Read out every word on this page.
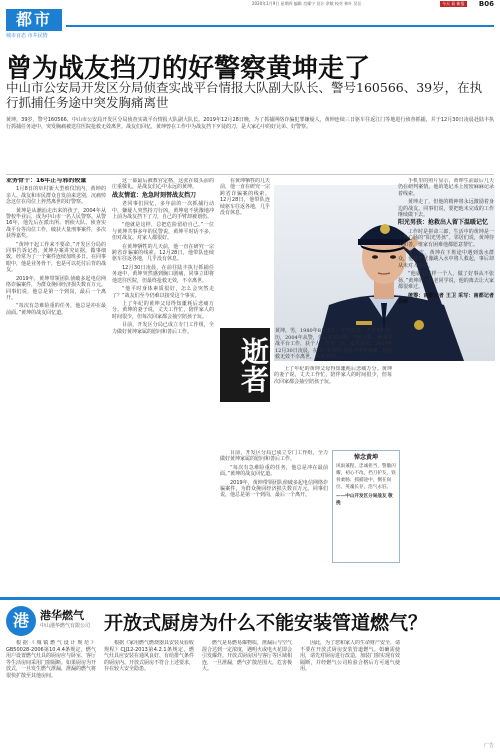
2020年1月9日 星期四 编辑 肖耀宁 设计 余敏 校对 林叶 吴岳	今天 看 新报 B06
都市
城市百态 市井民情
曾为战友挡刀的好警察黄坤走了
中山市公安局开发区分局侦查实战平台情报大队副大队长、警号160566、39岁，在执行抓捕任务途中突发胸痛离世
黄坤，39岁，警号160566，中山市公安局开发区分局侦查实战平台情报大队副大队长。2019年12月28日晚，为了抓捕网络诈骗犯罪嫌疑人，黄坤连续三日驱车往返江门等地进行侦查抓捕，并于12月30日凌晨赴陆丰执行抓捕任务途中，突发胸痛被送往医院抢救无效离世。战友们回忆，黄坤曾在工作中为战友挡下歹徒的刀，是大家心中的好兄弟、好警察。
业务骨干：16年正与邪的较量

1月8日的阜村新大型殡仪馆内，黄坤的亲人、战友和市民群众自发前来送别，沉痛悼念这位在岗位上猝然离世的好警察。

黄坤是从潮汕走出来的孩子，2004年从警校毕业后，成为中山市一名人民警察。从警16年，他先后在派出所、刑侦大队、侦查实战平台等岗位工作，破获大量刑事案件，多次获得嘉奖。

“黄坤干起工作来不要命。”开发区分局的同事告诉记者，黄坤办案讲究证据，做事细致，经常为了一个案件连续加班多日。在同事眼中，他是业务骨干，也是可以托付后背的战友。

2019年，黄坤带领团队侦破多起电信网络诈骗案件，为群众挽回经济损失数百万元。同事们说，他总是第一个到岗，最后一个离开。

“每次有急难险重的任务，他总是冲在最前面。”黄坤的战友回忆道。

这一幕最后被教官定格，这张在镜头前的庄重敬礼，是战友们心中永远的黄坤。

战友情谊：危急时刻替战友挡刀

老同事们回忆，多年前的一次抓捕行动中，嫌疑人突然持刀行凶，黄坤毫不犹豫地冲上前为战友挡下了刀，自己的手臂却被划伤。

“他就是这样，总把危险留给自己。”一位与黄坤共事多年的民警说，黄坤平时话不多，但对战友、对家人都很好。

在黄坤牺牲的几天前，他一直在研究一宗跨省诈骗案的线索。12月28日，他带队连续驱车往返各地，几乎没有休息。

12月30日凌晨，在前往陆丰执行抓捕任务途中，黄坤突然感到胸口剧痛，同事立即将他送往医院，但最终抢救无效，不幸离世。

“他平时身体素质很好，怎么会突然走了？”战友们至今仍难以接受这个事实。

上了年纪的黄坤父母得知噩耗后悲痛万分。黄坤的妻子说，丈夫工作忙，陪伴家人的时间很少，但每次回家都会抽空陪孩子玩。

目前，开发区分局已成立专门工作组，全力做好黄坤家属的慰问和善后工作。

在黄坤牺牲的几天前，他一直在研究一宗跨省诈骗案的线索。12月28日，他带队连续驱车往返各地，几乎没有休息。

手机里的照片显示，黄坤生前最后几天仍在研判案情，他的笔记本上密密麻麻记录着线索。

黄坤走了，但他的精神将永远激励着身边的战友。同事们说，要把他未完成的工作继续做下去。

阳光男孩：抢救出人留下温暖记忆

工作时是拼命三郎，生活中的黄坤是一个热心肠的“阳光男孩”。邻居们说，黄坤待人和善，谁家有困难他都愿意帮忙。

有一次，黄坤在下班途中遇到落水群众，他毫不犹豫跳入水中将人救起，事后却从未对人提起。

“他就是这样一个人，做了好事从不张扬。”黄坤的一位老同学说，他的离去让大家都很难过。

统筹：南都记者 王卫 采写：南都记者 吕婷

上了年纪的黄坤父母得知噩耗后悲痛万分。黄坤的妻子说，丈夫工作忙，陪伴家人的时间很少，但每次回家都会抽空陪孩子玩。

逝者
黄坤，男，1980年8月出生，中共党员，大学本科学历，2004年从警，先后在派出所、刑侦大队、侦查实战平台工作，获个人三等功一次、嘉奖多次。2019年12月30日凌晨，在执行抓捕任务途中突发胸痛，经抢救无效不幸离世，年仅39岁。

目前，开发区分局已成立专门工作组，全力做好黄坤家属的慰问和善后工作。

“每次有急难险重的任务，他总是冲在最前面。”黄坤的战友回忆道。

2019年，黄坤带领团队侦破多起电信网络诈骗案件，为群众挽回经济损失数百万元。同事们说，他总是第一个到岗，最后一个离开。

悼念黄坤
风雨兼程，忠诚担当，警徽闪耀，初心不改。挡刀护友，铁骨柔肠；抓捕途中，倒在岗位。英魂长存，浩气永驻。
——中山开发区分局战友 敬挽
港	港华燃气
中山港华燃气有限公司 开放式厨房为什么不能安装管道燃气？

根据《城镇燃气设计规范》GB50028-2006第10.4.4条规定，燃气用户设置燃气灶具的厨房应与卧室、客厅等生活房间采用门窗隔断。如果厨房为开放式，一旦发生燃气泄漏，泄漏的燃气将很快扩散至其他房间。

根据《家用燃气燃烧器具安装及验收规程》CJJ12-2013第4.2.1条规定，燃气灶具应安装在通风良好、有给排气条件的厨房内。开放式厨房不符合上述要求，存在较大安全隐患。

燃气是易燃易爆物质，泄漏后与空气混合达到一定浓度，遇明火或电火花即会引发爆炸。开放式厨房因与客厅等区域相连，一旦泄漏，燃气扩散范围大，危害极大。

因此，为了您和家人的生命财产安全，请不要在开放式厨房安装管道燃气。如确需使用，请先对厨房进行改造，加装门窗实现有效隔断，并经燃气公司检验合格后方可通气使用。

广告
